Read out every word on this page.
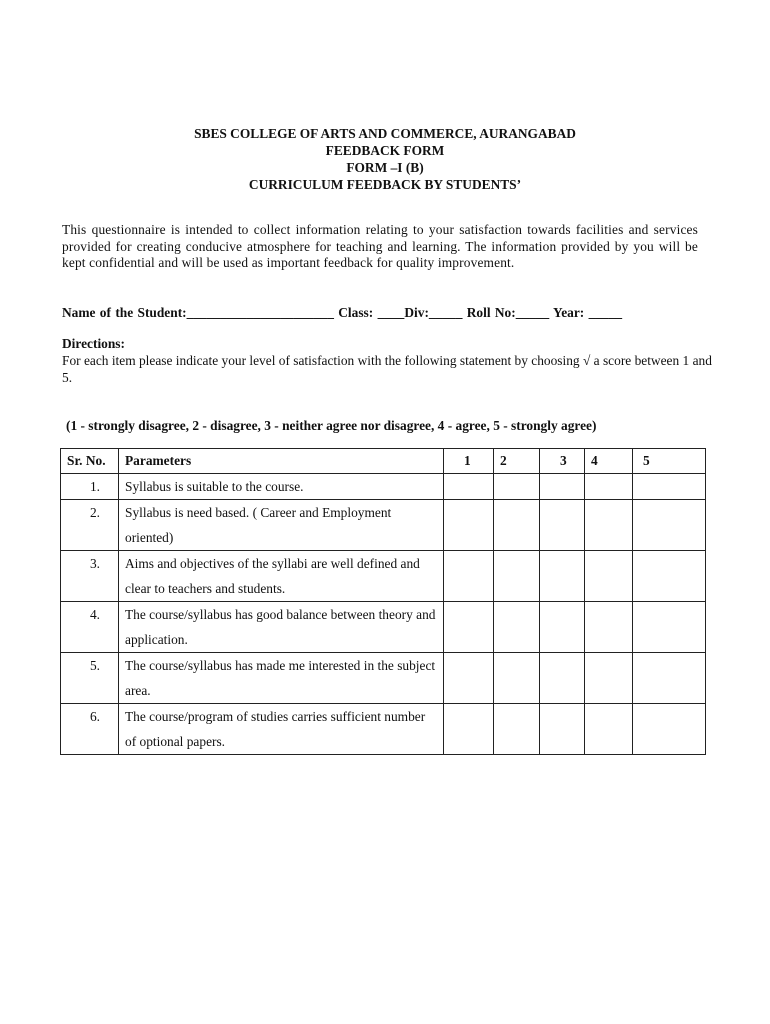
SBES COLLEGE OF ARTS AND COMMERCE, AURANGABAD
FEEDBACK FORM
FORM –I (B)
CURRICULUM FEEDBACK BY STUDENTS’

This questionnaire is intended to collect information relating to your satisfaction towards facilities and services provided for creating conducive atmosphere for teaching and learning. The information provided by you will be kept confidential and will be used as important feedback for quality improvement.

Name of the Student:______________________ Class: ____Div:_____ Roll No:_____ Year: _____
Directions:
For each item please indicate your level of satisfaction with the following statement by choosing √ a score between 1 and 5.
(1 - strongly disagree, 2 - disagree, 3 - neither agree nor disagree, 4 - agree, 5 - strongly agree)
Sr. No.	Parameters	1	2	3	4	5
1.	Syllabus is suitable to the course.					
2.	Syllabus is need based. ( Career and Employment oriented)					
3.	Aims and objectives of the syllabi are well defined and clear to teachers and students.					
4.	The course/syllabus has good balance between theory and application.					
5.	The course/syllabus has made me interested in the subject area.					
6.	The course/program of studies carries sufficient number of optional papers.					
